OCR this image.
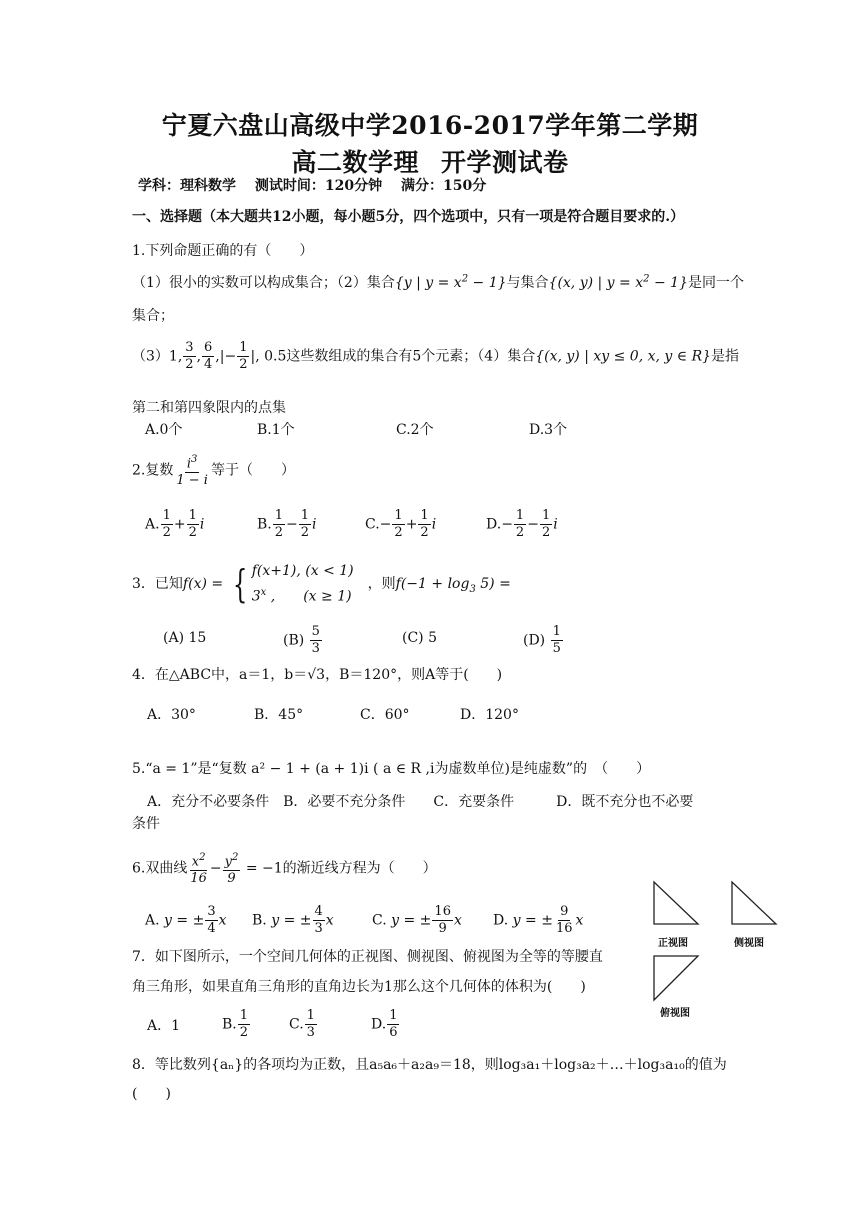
宁夏六盘山高级中学2016-2017学年第二学期
高二数学理 开学测试卷
学科：理科数学 测试时间：120分钟 满分：150分
一、选择题（本大题共12小题，每小题5分，四个选项中，只有一项是符合题目要求的.）
1.下列命题正确的有（　　）
（1）很小的实数可以构成集合；（2）集合{y | $y = x^2 - 1$}与集合{(x, y) | $y = x^2 - 1$}是同一个
集合；
（3）1, $\frac{3}{2}$ , $\frac{6}{4}$ ,|− $\frac{1}{2}$ |, 0.5这些数组成的集合有5个元素；（4）集合{(x, y) | xy ≤ 0, x, y ∈ R}是指
第二和第四象限内的点集
A.0个	B.1个	C.2个	D.3个
2.复数 $\frac{i^3}{1 - i}$ 等于（　　）
A. $\frac{1}{2} + \frac{1}{2}$ i	B. $\frac{1}{2} - \frac{1}{2}$ i	$C.- \frac{1}{2} + \frac{1}{2}$ i	$D.- \frac{1}{2} - \frac{1}{2}$ i
3．已知f(x) = { f(x+1), (x < 1)
3$^x$ ,　　(x ≥ 1)
　，则$f(-1 + \log_3 5)$ =
(A) 15	$(B) \frac{5}{3}$	(C) 5	$(D) \frac{1}{5}$
4．在△ABC中，a＝1，b＝√3，B＝120°，则A等于(　　)
A．30°	B．45°	C．60°	D．120°
5.“a = 1”是“复数 a² − 1 + (a + 1)i ( a ∈ R ,i为虚数单位)是纯虚数”的　（　　）
A．充分不必要条件　B．必要不充分条件　　C．充要条件　　　D．既不充分也不必要
条件
6.双曲线 $\frac{x^2}{16} - \frac{y^2}{9} = -1$的渐近线方程为（　　）
A. y = ± $\frac{3}{4}$ x B. y = ± $\frac{4}{3}$ x	C. y = ± $\frac{16}{9}$ x D. y = ± $\frac{9}{16}$ x
7．如下图所示，一个空间几何体的正视图、侧视图、俯视图为全等的等腰直
角三角形，如果直角三角形的直角边长为1那么这个几何体的体积为(　　)
A．1	B. $\frac{1}{2}$	C. $\frac{1}{3}$	D. $\frac{1}{6}$
正视图	侧视图
俯视图
8．等比数列{aₙ}的各项均为正数，且a₅a₆＋a₂a₉＝18，则log₃a₁＋log₃a₂＋…＋log₃a₁₀的值为
(　　)
